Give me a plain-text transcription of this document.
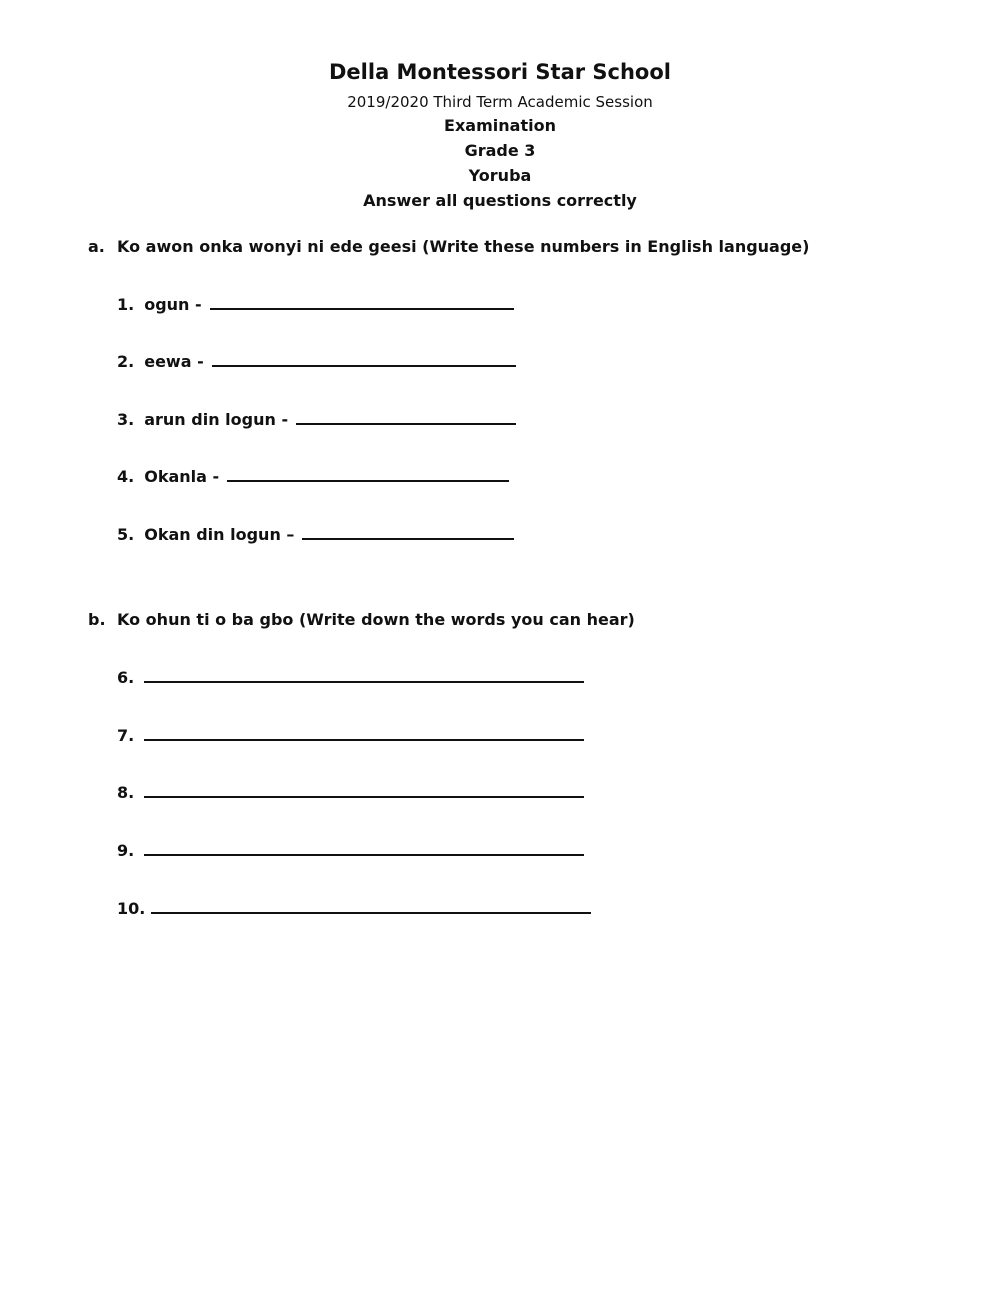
Della Montessori Star School
2019/2020 Third Term Academic Session
Examination
Grade 3
Yoruba
Answer all questions correctly
a. Ko awon onka wonyi ni ede geesi (Write these numbers in English language)
1. ogun -
2. eewa -
3. arun din logun -
4. Okanla -
5. Okan din logun –
b. Ko ohun ti o ba gbo (Write down the words you can hear)
6.
7.
8.
9.
10.
